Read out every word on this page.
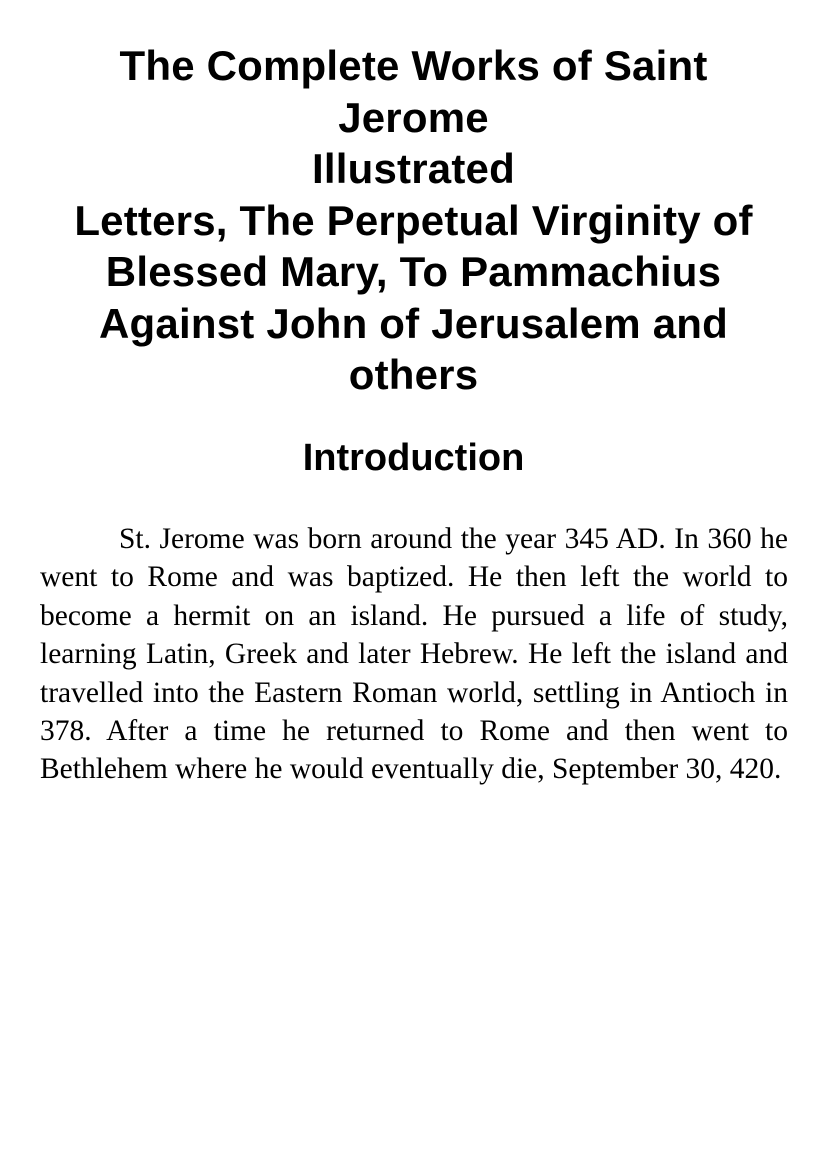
The Complete Works of Saint
Jerome
Illustrated
Letters, The Perpetual Virginity of
Blessed Mary, To Pammachius
Against John of Jerusalem and
others
Introduction

St. Jerome was born around the year 345 AD. In 360 he went to Rome and was baptized. He then left the world to become a hermit on an island. He pursued a life of study, learning Latin, Greek and later Hebrew. He left the island and travelled into the Eastern Roman world, settling in Antioch in 378. After a time he returned to Rome and then went to Bethlehem where he would eventually die, September 30, 420.
